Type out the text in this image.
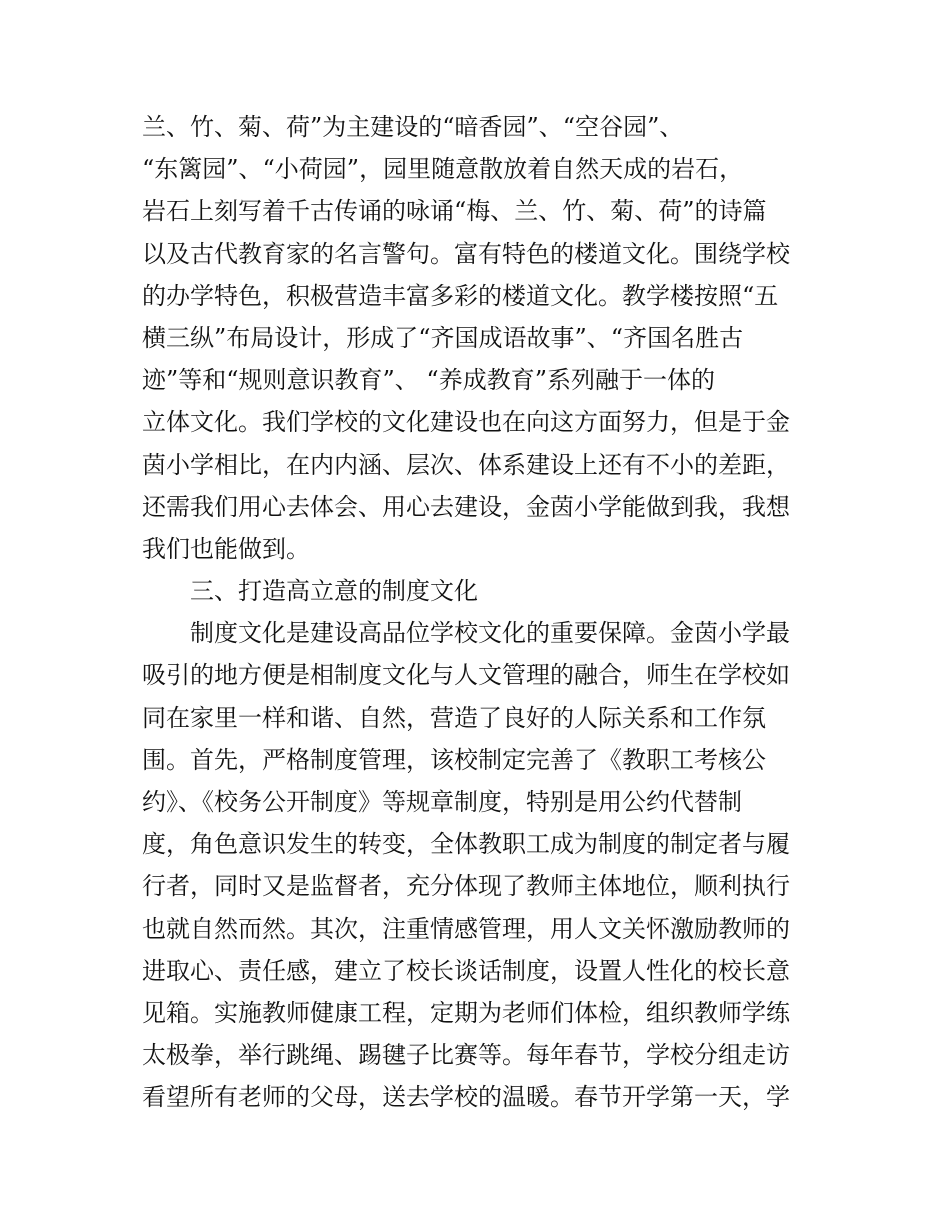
兰、竹、菊、荷”为主建设的“暗香园”、“空谷园”、
“东篱园”、“小荷园”，园里随意散放着自然天成的岩石，
岩石上刻写着千古传诵的咏诵“梅、兰、竹、菊、荷”的诗篇
以及古代教育家的名言警句。富有特色的楼道文化。围绕学校
的办学特色，积极营造丰富多彩的楼道文化。教学楼按照“五
横三纵”布局设计，形成了“齐国成语故事”、“齐国名胜古
迹”等和“规则意识教育”、 “养成教育”系列融于一体的
立体文化。我们学校的文化建设也在向这方面努力，但是于金
茵小学相比，在内内涵、层次、体系建设上还有不小的差距，
还需我们用心去体会、用心去建设，金茵小学能做到我，我想
我们也能做到。
三、打造高立意的制度文化
制度文化是建设高品位学校文化的重要保障。金茵小学最
吸引的地方便是相制度文化与人文管理的融合，师生在学校如
同在家里一样和谐、自然，营造了良好的人际关系和工作氛
围。首先，严格制度管理，该校制定完善了《教职工考核公
约》、《校务公开制度》等规章制度，特别是用公约代替制
度，角色意识发生的转变，全体教职工成为制度的制定者与履
行者，同时又是监督者，充分体现了教师主体地位，顺利执行
也就自然而然。其次，注重情感管理，用人文关怀激励教师的
进取心、责任感，建立了校长谈话制度，设置人性化的校长意
见箱。实施教师健康工程，定期为老师们体检，组织教师学练
太极拳，举行跳绳、踢毽子比赛等。每年春节，学校分组走访
看望所有老师的父母，送去学校的温暖。春节开学第一天，学
